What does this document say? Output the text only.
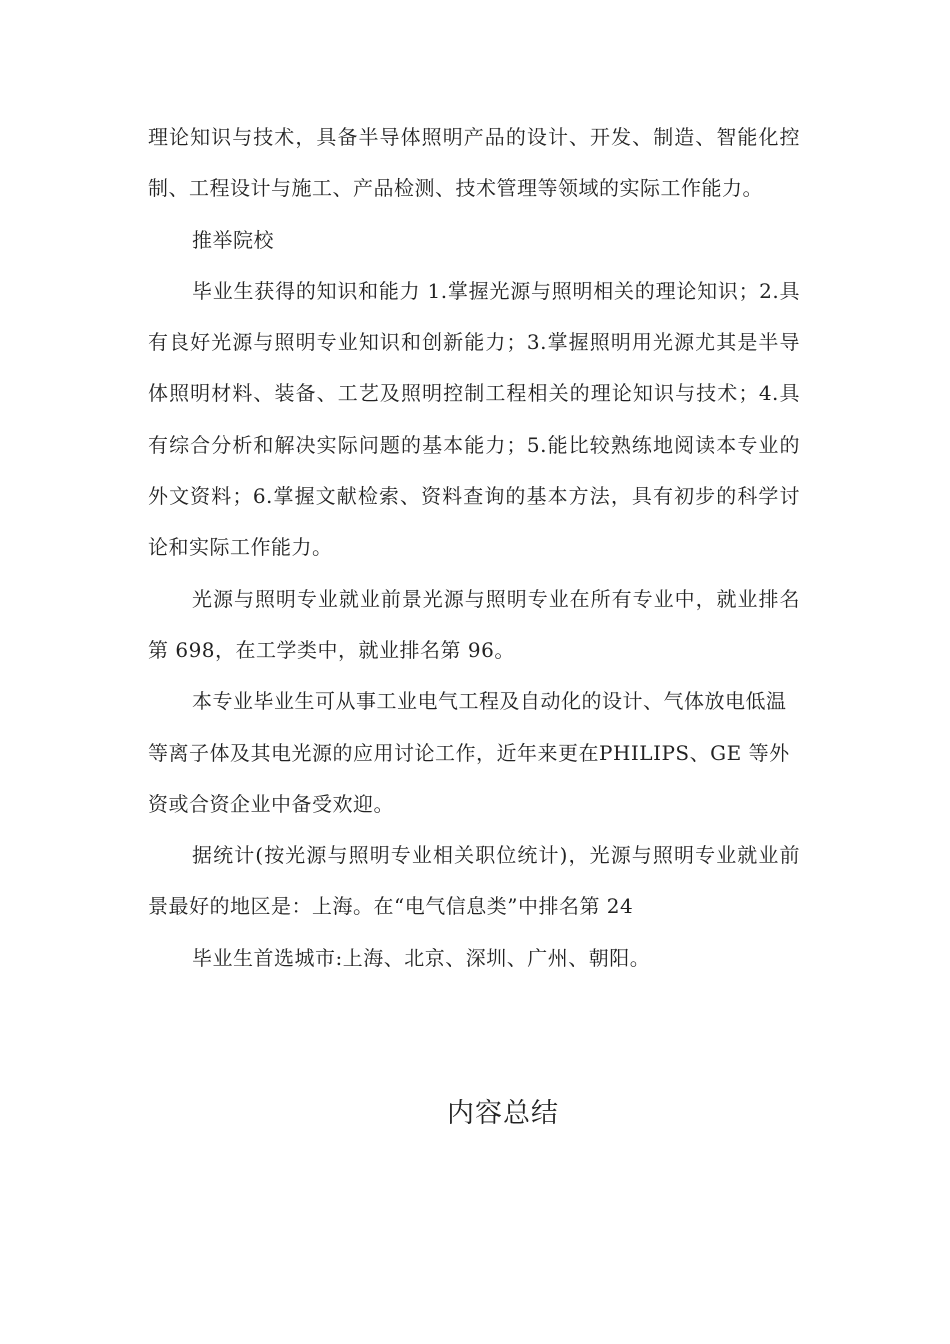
理论知识与技术，具备半导体照明产品的设计、开发、制造、智能化控制、工程设计与施工、产品检测、技术管理等领域的实际工作能力。

推举院校

毕业生获得的知识和能力 1.掌握光源与照明相关的理论知识；2.具有良好光源与照明专业知识和创新能力；3.掌握照明用光源尤其是半导体照明材料、装备、工艺及照明控制工程相关的理论知识与技术；4.具有综合分析和解决实际问题的基本能力；5.能比较熟练地阅读本专业的外文资料；6.掌握文献检索、资料查询的基本方法，具有初步的科学讨论和实际工作能力。

光源与照明专业就业前景光源与照明专业在所有专业中，就业排名第 698，在工学类中，就业排名第 96。

本专业毕业生可从事工业电气工程及自动化的设计、气体放电低温等离子体及其电光源的应用讨论工作，近年来更在PHILIPS、GE 等外资或合资企业中备受欢迎。

据统计(按光源与照明专业相关职位统计)，光源与照明专业就业前景最好的地区是：上海。在“电气信息类”中排名第 24

毕业生首选城市:上海、北京、深圳、广州、朝阳。

内容总结
